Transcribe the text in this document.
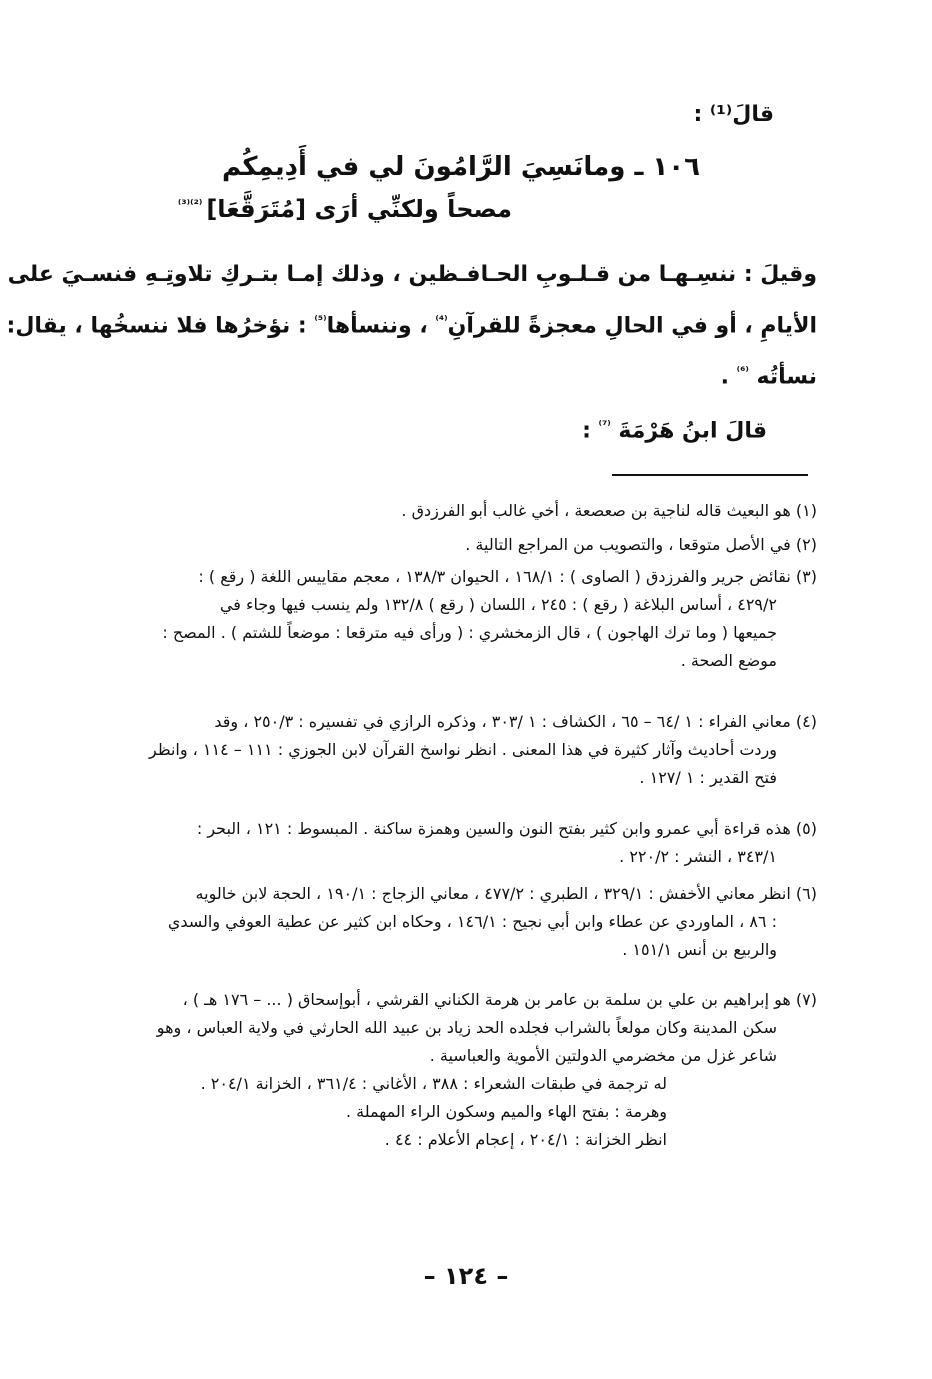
قالَ⁽¹⁾ :
١٠٦ ـ ومانَسِيَ الرَّامُونَ لي في أَدِيمِكُم
مصحاً ولكنِّي أرَى [مُتَرَقَّعَا]$^{^{(2)(3)}}$
وقيلَ : ننسِـهـا من قـلـوبِ الحـافـظين ، وذلك إمـا بتـركِ تلاوتِـهِ فنسـيَ على
الأيامِ ، أو في الحالِ معجزةً للقرآنِ$^{^{(4)}}$ ، وننسأها$^{^{(5)}}$ : نؤخرُها فلا ننسخُها ، يقال:
نسأتُه $^{^{(6)}}$ .
قالَ ابنُ هَرْمَةَ $^{^{(7)}}$ :
(١) هو البعيث قاله لناجية بن صعصعة ، أخي غالب أبو الفرزدق .
(٢) في الأصل متوقعا ، والتصويب من المراجع التالية .
(٣) نقائض جرير والفرزدق ( الصاوى ) : ١٦٨/١ ، الحيوان ١٣٨/٣ ، معجم مقاييس اللغة ( رقع ) :
٤٢٩/٢ ، أساس البلاغة ( رقع ) : ٢٤٥ ، اللسان ( رقع ) ١٣٢/٨ ولم ينسب فيها وجاء في
جميعها ( وما ترك الهاجون ) ، قال الزمخشري : ( ورأى فيه مترقعا : موضعاً للشتم ) . المصح :
موضع الصحة .
(٤) معاني الفراء : ١ /٦٤ – ٦٥ ، الكشاف : ١ /٣٠٣ ، وذكره الرازي في تفسيره : ٢٥٠/٣ ، وقد
وردت أحاديث وآثار كثيرة في هذا المعنى . انظر نواسخ القرآن لابن الجوزي : ١١١ – ١١٤ ، وانظر
فتح القدير : ١ /١٢٧ .
(٥) هذه قراءة أبي عمرو وابن كثير بفتح النون والسين وهمزة ساكنة . المبسوط : ١٢١ ، البحر :
٣٤٣/١ ، النشر : ٢٢٠/٢ .
(٦) انظر معاني الأخفش : ٣٢٩/١ ، الطبري : ٤٧٧/٢ ، معاني الزجاج : ١٩٠/١ ، الحجة لابن خالويه
: ٨٦ ، الماوردي عن عطاء وابن أبي نجيح : ١٤٦/١ ، وحكاه ابن كثير عن عطية العوفي والسدي
والربيع بن أنس ١٥١/١ .
(٧) هو إبراهيم بن علي بن سلمة بن عامر بن هرمة الكناني القرشي ، أبوإسحاق ( ... – ١٧٦ هـ ) ،
سكن المدينة وكان مولعاً بالشراب فجلده الحد زياد بن عبيد الله الحارثي في ولاية العباس ، وهو
شاعر غزل من مخضرمي الدولتين الأموية والعباسية .
له ترجمة في طبقات الشعراء : ٣٨٨ ، الأغاني : ٣٦١/٤ ، الخزانة ٢٠٤/١ .
وهرمة : بفتح الهاء والميم وسكون الراء المهملة .
انظر الخزانة : ٢٠٤/١ ، إعجام الأعلام : ٤٤ .
– ١٢٤ –
